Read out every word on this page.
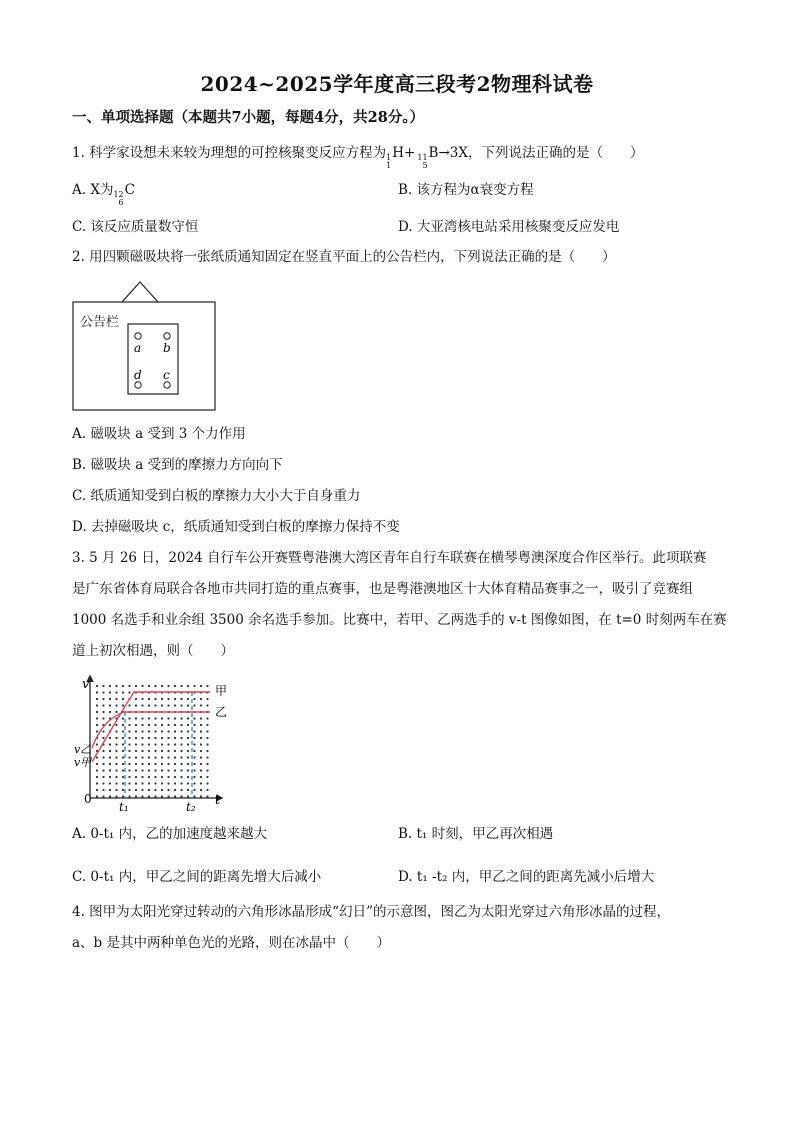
2024~2025学年度高三段考2物理科试卷
一、单项选择题（本题共7小题，每题4分，共28分。）
1. 科学家设想未来较为理想的可控核聚变反应方程为 1
1
H+ 11
5
B→3X，下列说法正确的是（　　）
A. X为 12
6
C	B. 该方程为α衰变方程
C. 该反应质量数守恒	D. 大亚湾核电站采用核聚变反应发电
2. 用四颗磁吸块将一张纸质通知固定在竖直平面上的公告栏内，下列说法正确的是（　　）
公告栏
a b
d c
A. 磁吸块 a 受到 3 个力作用
B. 磁吸块 a 受到的摩擦力方向向下
C. 纸质通知受到白板的摩擦力大小大于自身重力
D. 去掉磁吸块 c，纸质通知受到白板的摩擦力保持不变
3. 5 月 26 日，2024 自行车公开赛暨粤港澳大湾区青年自行车联赛在横琴粤澳深度合作区举行。此项联赛
是广东省体育局联合各地市共同打造的重点赛事，也是粤港澳地区十大体育精品赛事之一，吸引了竞赛组
1000 名选手和业余组 3500 余名选手参加。比赛中，若甲、乙两选手的 v-t 图像如图，在 t=0 时刻两车在赛
道上初次相遇，则（　　）
v
t
0
甲
乙
v乙
v甲
t₁	t₂
A. 0-t₁ 内，乙的加速度越来越大	B. t₁ 时刻，甲乙再次相遇
C. 0-t₁ 内，甲乙之间的距离先增大后减小	D. t₁ -t₂ 内，甲乙之间的距离先减小后增大
4. 图甲为太阳光穿过转动的六角形冰晶形成“幻日”的示意图，图乙为太阳光穿过六角形冰晶的过程，
a、b 是其中两种单色光的光路，则在冰晶中（　　）
